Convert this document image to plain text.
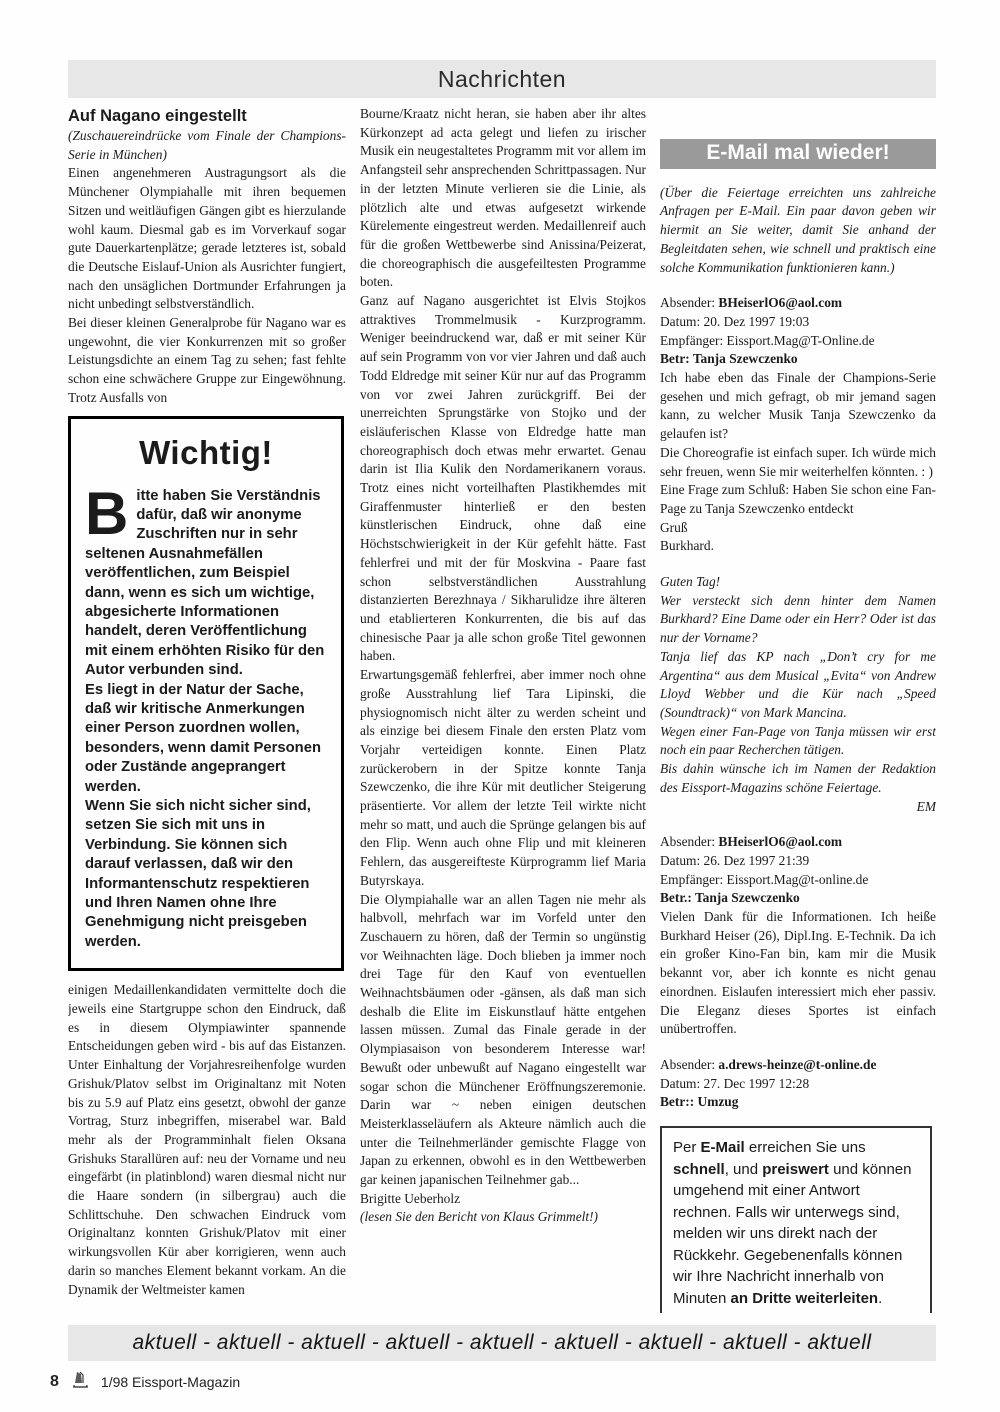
Nachrichten

Auf Nagano eingestellt

(Zuschauereindrücke vom Finale der Champions-Serie in München)

Einen angenehmeren Austragungsort als die Münchener Olympiahalle mit ihren bequemen Sitzen und weitläufigen Gängen gibt es hierzulande wohl kaum. Diesmal gab es im Vorverkauf sogar gute Dauerkartenplätze; gerade letzteres ist, sobald die Deutsche Eislauf-Union als Ausrichter fungiert, nach den unsäglichen Dortmunder Erfahrungen ja nicht unbedingt selbstverständlich.

Bei dieser kleinen Generalprobe für Nagano war es ungewohnt, die vier Konkurrenzen mit so großer Leistungsdichte an einem Tag zu sehen; fast fehlte schon eine schwächere Gruppe zur Eingewöhnung. Trotz Ausfalls von

Wichtig!

Bitte haben Sie Verständnis dafür, daß wir anonyme Zuschriften nur in sehr seltenen Ausnahmefällen veröffentlichen, zum Beispiel dann, wenn es sich um wichtige, abgesicherte Informationen handelt, deren Veröffentlichung mit einem erhöhten Risiko für den Autor verbunden sind.

Es liegt in der Natur der Sache, daß wir kritische Anmerkungen einer Person zuordnen wollen, besonders, wenn damit Personen oder Zustände angeprangert werden.

Wenn Sie sich nicht sicher sind, setzen Sie sich mit uns in Verbindung. Sie können sich darauf verlassen, daß wir den Informantenschutz respektieren und Ihren Namen ohne Ihre Genehmigung nicht preisgeben werden.

einigen Medaillenkandidaten vermittelte doch die jeweils eine Startgruppe schon den Eindruck, daß es in diesem Olympiawinter spannende Entscheidungen geben wird - bis auf das Eistanzen. Unter Einhaltung der Vorjahresreihenfolge wurden Grishuk/Platov selbst im Originaltanz mit Noten bis zu 5.9 auf Platz eins gesetzt, obwohl der ganze Vortrag, Sturz inbegriffen, miserabel war. Bald mehr als der Programminhalt fielen Oksana Grishuks Starallüren auf: neu der Vorname und neu eingefärbt (in platinblond) waren diesmal nicht nur die Haare sondern (in silbergrau) auch die Schlittschuhe. Den schwachen Eindruck vom Originaltanz konnten Grishuk/Platov mit einer wirkungsvollen Kür aber korrigieren, wenn auch darin so manches Element bekannt vorkam. An die Dynamik der Weltmeister kamen

Bourne/Kraatz nicht heran, sie haben aber ihr altes Kürkonzept ad acta gelegt und liefen zu irischer Musik ein neugestaltetes Programm mit vor allem im Anfangsteil sehr ansprechenden Schrittpassagen. Nur in der letzten Minute verlieren sie die Linie, als plötzlich alte und etwas aufgesetzt wirkende Kürelemente eingestreut werden. Medaillenreif auch für die großen Wettbewerbe sind Anissina/Peizerat, die choreographisch die ausgefeiltesten Programme boten.

Ganz auf Nagano ausgerichtet ist Elvis Stojkos attraktives Trommelmusik - Kurzprogramm. Weniger beeindruckend war, daß er mit seiner Kür auf sein Programm von vor vier Jahren und daß auch Todd Eldredge mit seiner Kür nur auf das Programm von vor zwei Jahren zurückgriff. Bei der unerreichten Sprungstärke von Stojko und der eisläuferischen Klasse von Eldredge hatte man choreographisch doch etwas mehr erwartet. Genau darin ist Ilia Kulik den Nordamerikanern voraus. Trotz eines nicht vorteilhaften Plastikhemdes mit Giraffenmuster hinterließ er den besten künstlerischen Eindruck, ohne daß eine Höchstschwierigkeit in der Kür gefehlt hätte. Fast fehlerfrei und mit der für Moskvina - Paare fast schon selbstverständlichen Ausstrahlung distanzierten Berezhnaya / Sikharulidze ihre älteren und etablierteren Konkurrenten, die bis auf das chinesische Paar ja alle schon große Titel gewonnen haben.

Erwartungsgemäß fehlerfrei, aber immer noch ohne große Ausstrahlung lief Tara Lipinski, die physiognomisch nicht älter zu werden scheint und als einzige bei diesem Finale den ersten Platz vom Vorjahr verteidigen konnte. Einen Platz zurückerobern in der Spitze konnte Tanja Szewczenko, die ihre Kür mit deutlicher Steigerung präsentierte. Vor allem der letzte Teil wirkte nicht mehr so matt, und auch die Sprünge gelangen bis auf den Flip. Wenn auch ohne Flip und mit kleineren Fehlern, das ausgereifteste Kürprogramm lief Maria Butyrskaya.

Die Olympiahalle war an allen Tagen nie mehr als halbvoll, mehrfach war im Vorfeld unter den Zuschauern zu hören, daß der Termin so ungünstig vor Weihnachten läge. Doch blieben ja immer noch drei Tage für den Kauf von eventuellen Weihnachtsbäumen oder -gänsen, als daß man sich deshalb die Elite im Eiskunstlauf hätte entgehen lassen müssen. Zumal das Finale gerade in der Olympiasaison von besonderem Interesse war! Bewußt oder unbewußt auf Nagano eingestellt war sogar schon die Münchener Eröffnungszeremonie. Darin war ~ neben einigen deutschen Meisterklasseläufern als Akteure nämlich auch die unter die Teilnehmerländer gemischte Flagge von Japan zu erkennen, obwohl es in den Wettbewerben gar keinen japanischen Teilnehmer gab...

Brigitte Ueberholz

(lesen Sie den Bericht von Klaus Grimmelt!)

E-Mail mal wieder!

(Über die Feiertage erreichten uns zahlreiche Anfragen per E-Mail. Ein paar davon geben wir hiermit an Sie weiter, damit Sie anhand der Begleitdaten sehen, wie schnell und praktisch eine solche Kommunikation funktionieren kann.)

Absender: BHeiserlO6@aol.com

Datum: 20. Dez 1997 19:03

Empfänger: Eissport.Mag@T-Online.de

Betr: Tanja Szewczenko

Ich habe eben das Finale der Champions-Serie gesehen und mich gefragt, ob mir jemand sagen kann, zu welcher Musik Tanja Szewczenko da gelaufen ist?

Die Choreografie ist einfach super. Ich würde mich sehr freuen, wenn Sie mir weiterhelfen könnten. : )

Eine Frage zum Schluß: Haben Sie schon eine Fan-Page zu Tanja Szewczenko entdeckt

Gruß

Burkhard.

Guten Tag!

Wer versteckt sich denn hinter dem Namen Burkhard? Eine Dame oder ein Herr? Oder ist das nur der Vorname?

Tanja lief das KP nach „Don’t cry for me Argentina“ aus dem Musical „Evita“ von Andrew Lloyd Webber und die Kür nach „Speed (Soundtrack)“ von Mark Mancina.

Wegen einer Fan-Page von Tanja müssen wir erst noch ein paar Recherchen tätigen.

Bis dahin wünsche ich im Namen der Redaktion des Eissport-Magazins schöne Feiertage.

EM

Absender: BHeiserlO6@aol.com

Datum: 26. Dez 1997 21:39

Empfänger: Eissport.Mag@t-online.de

Betr.: Tanja Szewczenko

Vielen Dank für die Informationen. Ich heiße Burkhard Heiser (26), Dipl.Ing. E-Technik. Da ich ein großer Kino-Fan bin, kam mir die Musik bekannt vor, aber ich konnte es nicht genau einordnen. Eislaufen interessiert mich eher passiv. Die Eleganz dieses Sportes ist einfach unübertroffen.

Absender: a.drews-heinze@t-online.de

Datum: 27. Dec 1997 12:28

Betr:: Umzug

Per E-Mail erreichen Sie uns schnell, und preiswert und können umgehend mit einer Antwort rechnen. Falls wir unterwegs sind, melden wir uns direkt nach der Rückkehr. Gegebenenfalls können wir Ihre Nachricht innerhalb von Minuten an Dritte weiterleiten.
aktuell - aktuell - aktuell - aktuell - aktuell - aktuell - aktuell - aktuell - aktuell
8	1/98 Eissport-Magazin
